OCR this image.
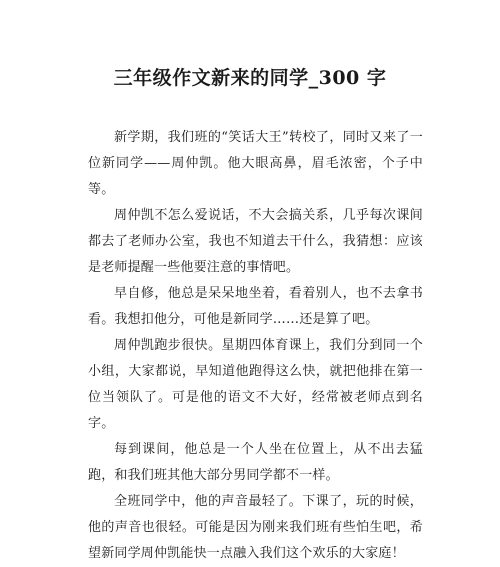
三年级作文新来的同学_300 字

新学期，我们班的“笑话大王”转校了，同时又来了一位新同学——周仲凯。他大眼高鼻，眉毛浓密，个子中等。

周仲凯不怎么爱说话，不大会搞关系，几乎每次课间都去了老师办公室，我也不知道去干什么，我猜想：应该是老师提醒一些他要注意的事情吧。

早自修，他总是呆呆地坐着，看着别人，也不去拿书看。我想扣他分，可他是新同学……还是算了吧。

周仲凯跑步很快。星期四体育课上，我们分到同一个小组，大家都说，早知道他跑得这么快，就把他排在第一位当领队了。可是他的语文不大好，经常被老师点到名字。

每到课间，他总是一个人坐在位置上，从不出去猛跑，和我们班其他大部分男同学都不一样。

全班同学中，他的声音最轻了。下课了，玩的时候，他的声音也很轻。可能是因为刚来我们班有些怕生吧，希望新同学周仲凯能快一点融入我们这个欢乐的大家庭！
